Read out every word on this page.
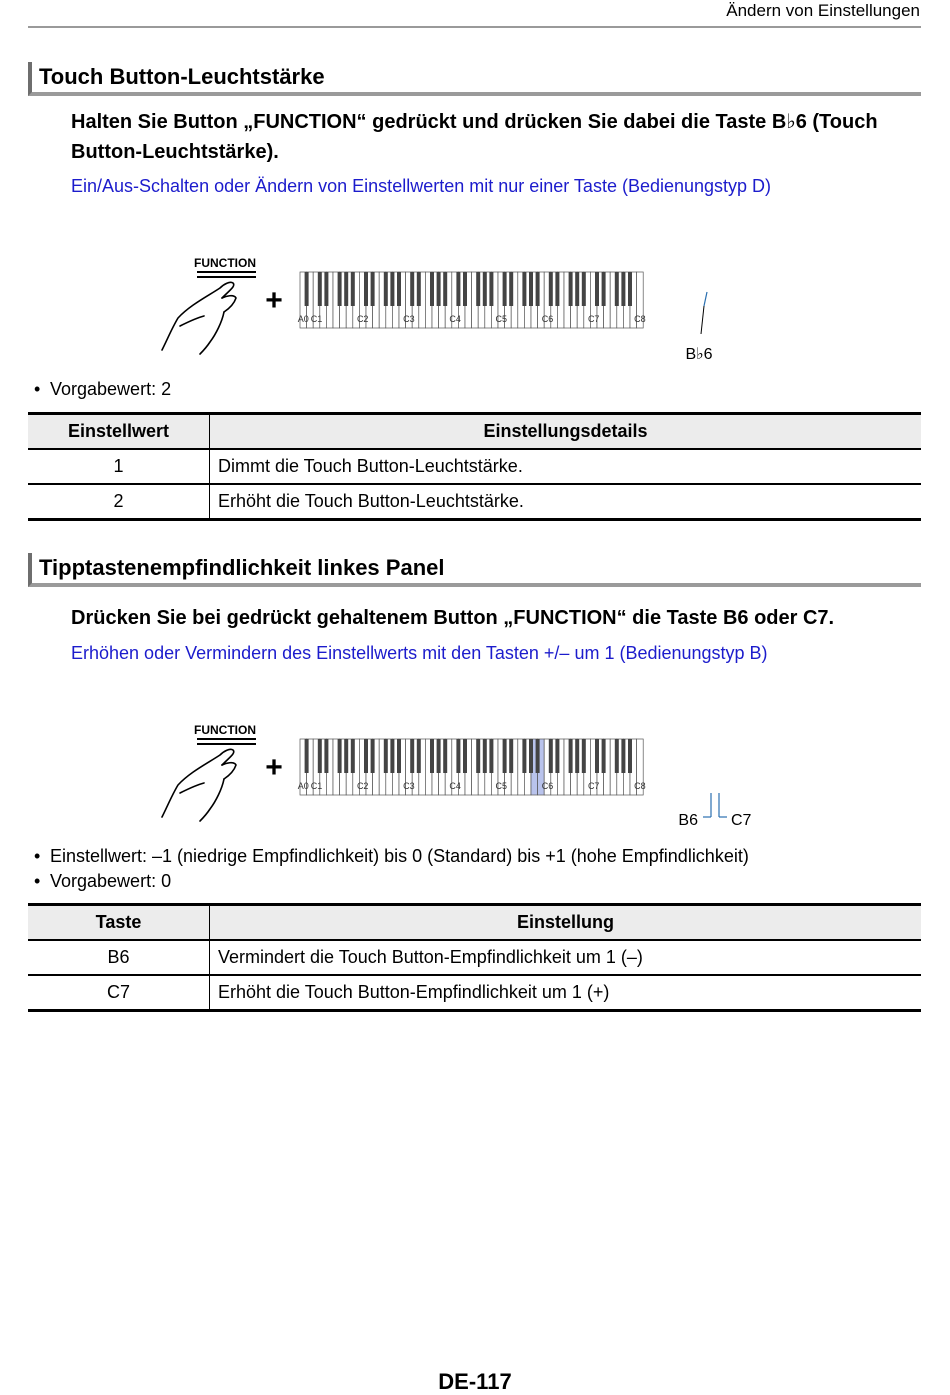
Ändern von Einstellungen
Touch Button-Leuchtstärke
Halten Sie Button „FUNCTION“ gedrückt und drücken Sie dabei die Taste B♭6 (Touch Button-Leuchtstärke).
Ein/Aus-Schalten oder Ändern von Einstellwerten mit nur einer Taste (Bedienungstyp D)
FUNCTION
+
A0 C1	C2	C3	C4	C5	C6	C7	C8
B♭6
• Vorgabewert: 2
Einstellwert	Einstellungsdetails
1	Dimmt die Touch Button-Leuchtstärke.
2	Erhöht die Touch Button-Leuchtstärke.
Tipptastenempfindlichkeit linkes Panel
Drücken Sie bei gedrückt gehaltenem Button „FUNCTION“ die Taste B6 oder C7.
Erhöhen oder Vermindern des Einstellwerts mit den Tasten +/– um 1 (Bedienungstyp B)
FUNCTION
+
A0 C1	C2	C3	C4	C5	C6	C7	C8
B6 C7
• Einstellwert: –1 (niedrige Empfindlichkeit) bis 0 (Standard) bis +1 (hohe Empfindlichkeit)
• Vorgabewert: 0
Taste	Einstellung
B6	Vermindert die Touch Button-Empfindlichkeit um 1 (–)
C7	Erhöht die Touch Button-Empfindlichkeit um 1 (+)
DE-117
